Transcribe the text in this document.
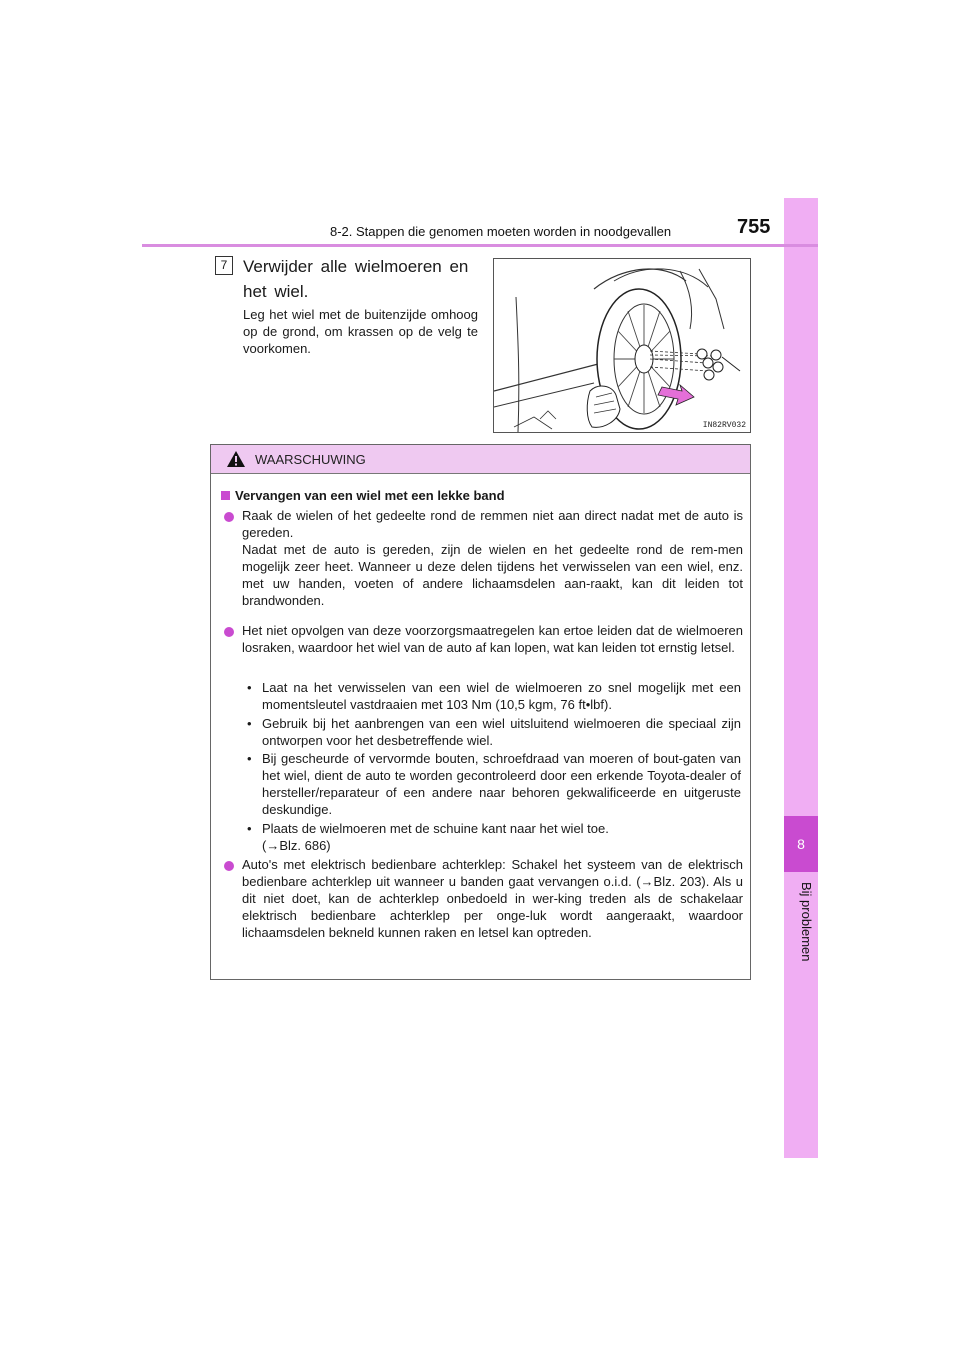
8
Bij problemen
8-2. Stappen die genomen moeten worden in noodgevallen	755
7 Verwijder alle wielmoeren en
het wiel.
Leg het wiel met de buitenzijde omhoog op de grond, om krassen op de velg te voorkomen.
IN82RV032
WAARSCHUWING
Vervangen van een wiel met een lekke band
Raak de wielen of het gedeelte rond de remmen niet aan direct nadat met de auto is gereden.
Nadat met de auto is gereden, zijn de wielen en het gedeelte rond de rem-men mogelijk zeer heet. Wanneer u deze delen tijdens het verwisselen van een wiel, enz. met uw handen, voeten of andere lichaamsdelen aan-raakt, kan dit leiden tot brandwonden.
Het niet opvolgen van deze voorzorgsmaatregelen kan ertoe leiden dat de wielmoeren losraken, waardoor het wiel van de auto af kan lopen, wat kan leiden tot ernstig letsel.
• Laat na het verwisselen van een wiel de wielmoeren zo snel mogelijk met een momentsleutel vastdraaien met 103 Nm (10,5 kgm, 76 ft•lbf).
• Gebruik bij het aanbrengen van een wiel uitsluitend wielmoeren die speciaal zijn ontworpen voor het desbetreffende wiel.
• Bij gescheurde of vervormde bouten, schroefdraad van moeren of bout-gaten van het wiel, dient de auto te worden gecontroleerd door een erkende Toyota-dealer of hersteller/reparateur of een andere naar behoren gekwalificeerde en uitgeruste deskundige.
• Plaats de wielmoeren met de schuine kant naar het wiel toe.
(→Blz. 686)
Auto's met elektrisch bedienbare achterklep: Schakel het systeem van de elektrisch bedienbare achterklep uit wanneer u banden gaat vervangen o.i.d. (→Blz. 203). Als u dit niet doet, kan de achterklep onbedoeld in wer-king treden als de schakelaar elektrisch bedienbare achterklep per onge-luk wordt aangeraakt, waardoor lichaamsdelen bekneld kunnen raken en letsel kan optreden.
